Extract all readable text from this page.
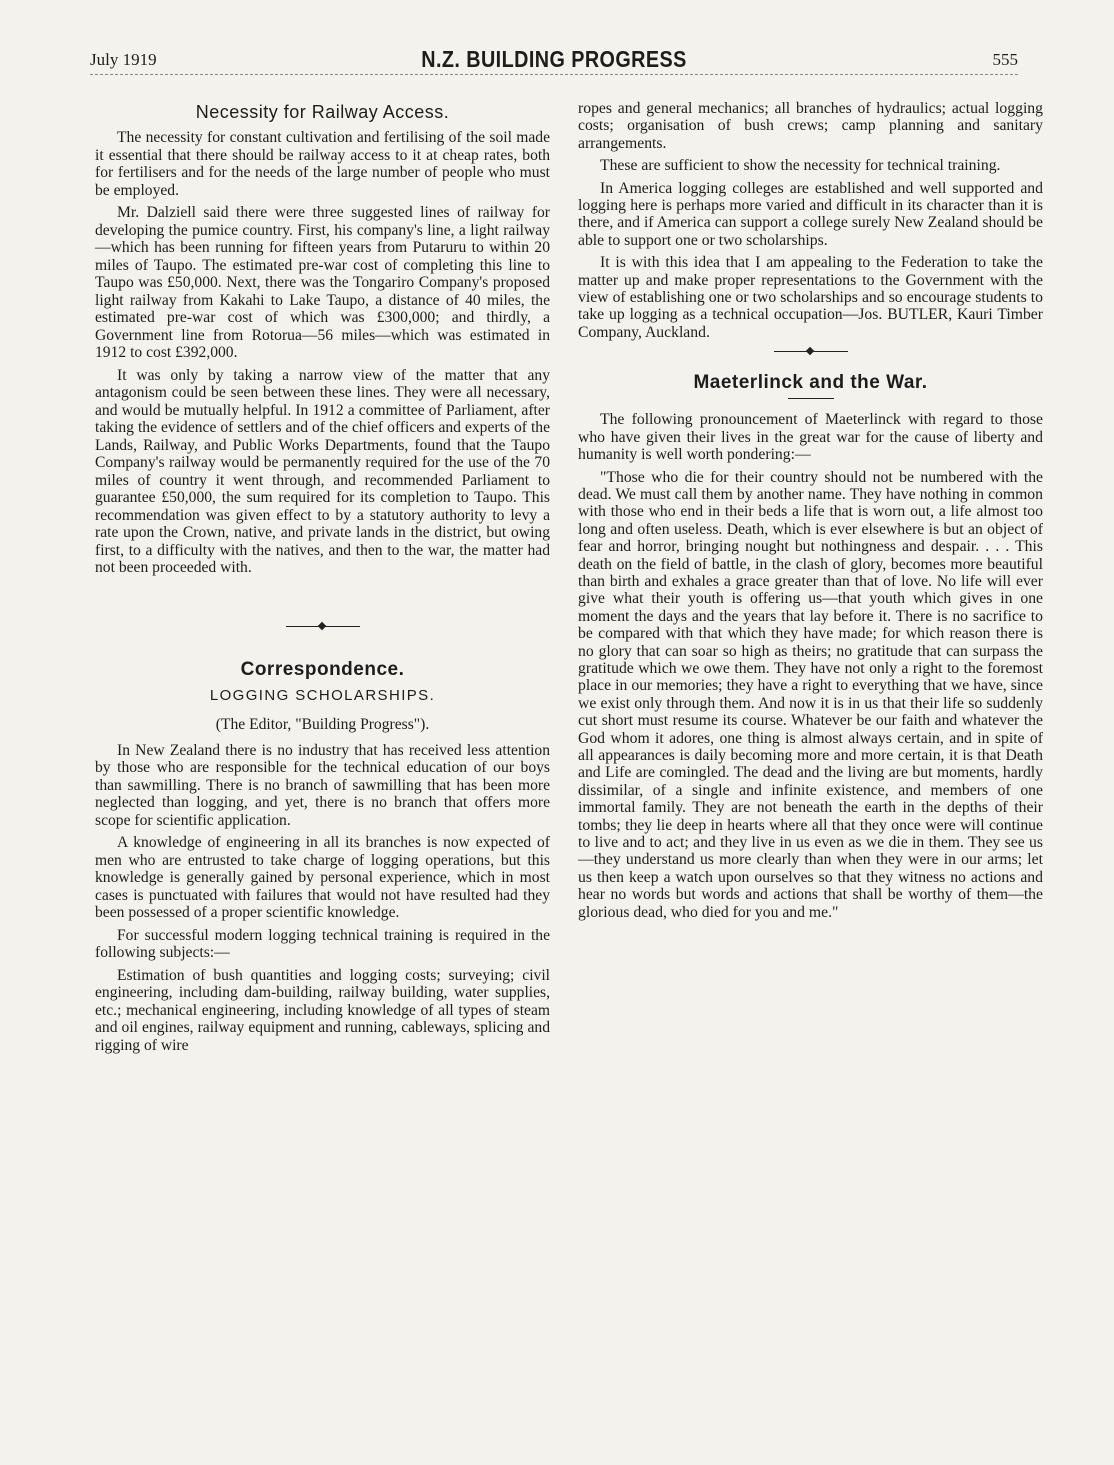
July 1919	N.Z. BUILDING PROGRESS	555
Necessity for Railway Access.

The necessity for constant cultivation and fertilising of the soil made it essential that there should be railway access to it at cheap rates, both for fertilisers and for the needs of the large number of people who must be employed.

Mr. Dalziell said there were three suggested lines of railway for developing the pumice country. First, his company's line, a light railway—which has been running for fifteen years from Putaruru to within 20 miles of Taupo. The estimated pre-war cost of completing this line to Taupo was £50,000. Next, there was the Tongariro Company's proposed light railway from Kakahi to Lake Taupo, a distance of 40 miles, the estimated pre-war cost of which was £300,000; and thirdly, a Government line from Rotorua—56 miles—which was estimated in 1912 to cost £392,000.

It was only by taking a narrow view of the matter that any antagonism could be seen between these lines. They were all necessary, and would be mutually helpful. In 1912 a committee of Parliament, after taking the evidence of settlers and of the chief officers and experts of the Lands, Railway, and Public Works Departments, found that the Taupo Company's railway would be permanently required for the use of the 70 miles of country it went through, and recommended Parliament to guarantee £50,000, the sum required for its completion to Taupo. This recommendation was given effect to by a statutory authority to levy a rate upon the Crown, native, and private lands in the district, but owing first, to a difficulty with the natives, and then to the war, the matter had not been proceeded with.

Correspondence.
LOGGING SCHOLARSHIPS.
(The Editor, "Building Progress").

In New Zealand there is no industry that has received less attention by those who are responsible for the technical education of our boys than sawmilling. There is no branch of sawmilling that has been more neglected than logging, and yet, there is no branch that offers more scope for scientific application.

A knowledge of engineering in all its branches is now expected of men who are entrusted to take charge of logging operations, but this knowledge is generally gained by personal experience, which in most cases is punctuated with failures that would not have resulted had they been possessed of a proper scientific knowledge.

For successful modern logging technical training is required in the following subjects:—

Estimation of bush quantities and logging costs; surveying; civil engineering, including dam-building, railway building, water supplies, etc.; mechanical engineering, including knowledge of all types of steam and oil engines, railway equipment and running, cableways, splicing and rigging of wire

ropes and general mechanics; all branches of hydraulics; actual logging costs; organisation of bush crews; camp planning and sanitary arrangements.

These are sufficient to show the necessity for technical training.

In America logging colleges are established and well supported and logging here is perhaps more varied and difficult in its character than it is there, and if America can support a college surely New Zealand should be able to support one or two scholarships.

It is with this idea that I am appealing to the Federation to take the matter up and make proper representations to the Government with the view of establishing one or two scholarships and so encourage students to take up logging as a technical occupation—Jos. BUTLER, Kauri Timber Company, Auckland.

Maeterlinck and the War.

The following pronouncement of Maeterlinck with regard to those who have given their lives in the great war for the cause of liberty and humanity is well worth pondering:—

"Those who die for their country should not be numbered with the dead. We must call them by another name. They have nothing in common with those who end in their beds a life that is worn out, a life almost too long and often useless. Death, which is ever elsewhere is but an object of fear and horror, bringing nought but nothingness and despair. . . . This death on the field of battle, in the clash of glory, becomes more beautiful than birth and exhales a grace greater than that of love. No life will ever give what their youth is offering us—that youth which gives in one moment the days and the years that lay before it. There is no sacrifice to be compared with that which they have made; for which reason there is no glory that can soar so high as theirs; no gratitude that can surpass the gratitude which we owe them. They have not only a right to the foremost place in our memories; they have a right to everything that we have, since we exist only through them. And now it is in us that their life so suddenly cut short must resume its course. Whatever be our faith and whatever the God whom it adores, one thing is almost always certain, and in spite of all appearances is daily becoming more and more certain, it is that Death and Life are comingled. The dead and the living are but moments, hardly dissimilar, of a single and infinite existence, and members of one immortal family. They are not beneath the earth in the depths of their tombs; they lie deep in hearts where all that they once were will continue to live and to act; and they live in us even as we die in them. They see us—they understand us more clearly than when they were in our arms; let us then keep a watch upon ourselves so that they witness no actions and hear no words but words and actions that shall be worthy of them—the glorious dead, who died for you and me."
